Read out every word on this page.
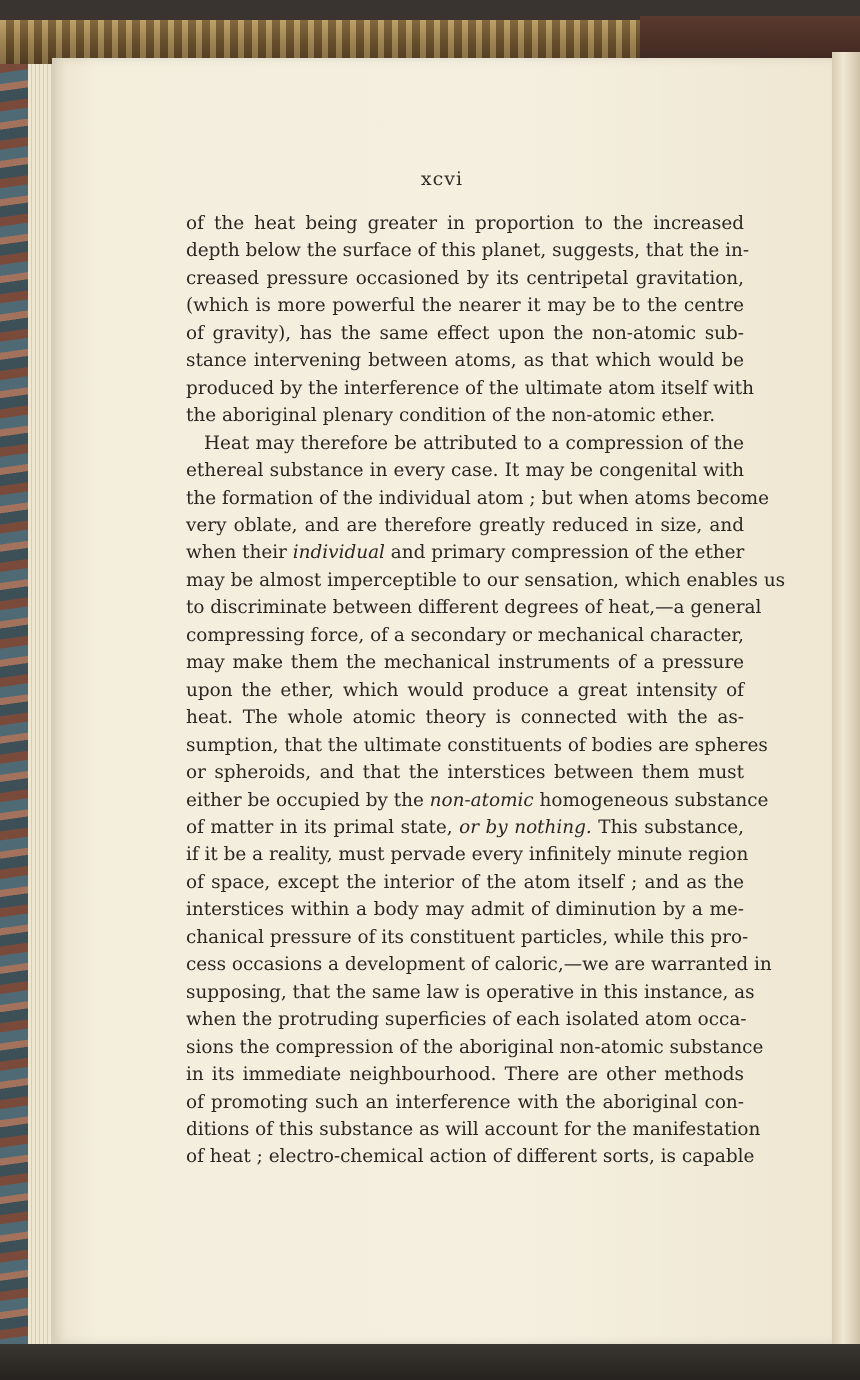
xcvi
of the heat being greater in proportion to the increased
depth below the surface of this planet, suggests, that the in-
creased pressure occasioned by its centripetal gravitation,
(which is more powerful the nearer it may be to the centre
of gravity), has the same effect upon the non-atomic sub-
stance intervening between atoms, as that which would be
produced by the interference of the ultimate atom itself with
the aboriginal plenary condition of the non-atomic ether.
Heat may therefore be attributed to a compression of the
ethereal substance in every case. It may be congenital with
the formation of the individual atom ; but when atoms become
very oblate, and are therefore greatly reduced in size, and
when their individual and primary compression of the ether
may be almost imperceptible to our sensation, which enables us
to discriminate between different degrees of heat,—a general
compressing force, of a secondary or mechanical character,
may make them the mechanical instruments of a pressure
upon the ether, which would produce a great intensity of
heat. The whole atomic theory is connected with the as-
sumption, that the ultimate constituents of bodies are spheres
or spheroids, and that the interstices between them must
either be occupied by the non-atomic homogeneous substance
of matter in its primal state, or by nothing. This substance,
if it be a reality, must pervade every infinitely minute region
of space, except the interior of the atom itself ; and as the
interstices within a body may admit of diminution by a me-
chanical pressure of its constituent particles, while this pro-
cess occasions a development of caloric,—we are warranted in
supposing, that the same law is operative in this instance, as
when the protruding superficies of each isolated atom occa-
sions the compression of the aboriginal non-atomic substance
in its immediate neighbourhood. There are other methods
of promoting such an interference with the aboriginal con-
ditions of this substance as will account for the manifestation
of heat ; electro-chemical action of different sorts, is capable
